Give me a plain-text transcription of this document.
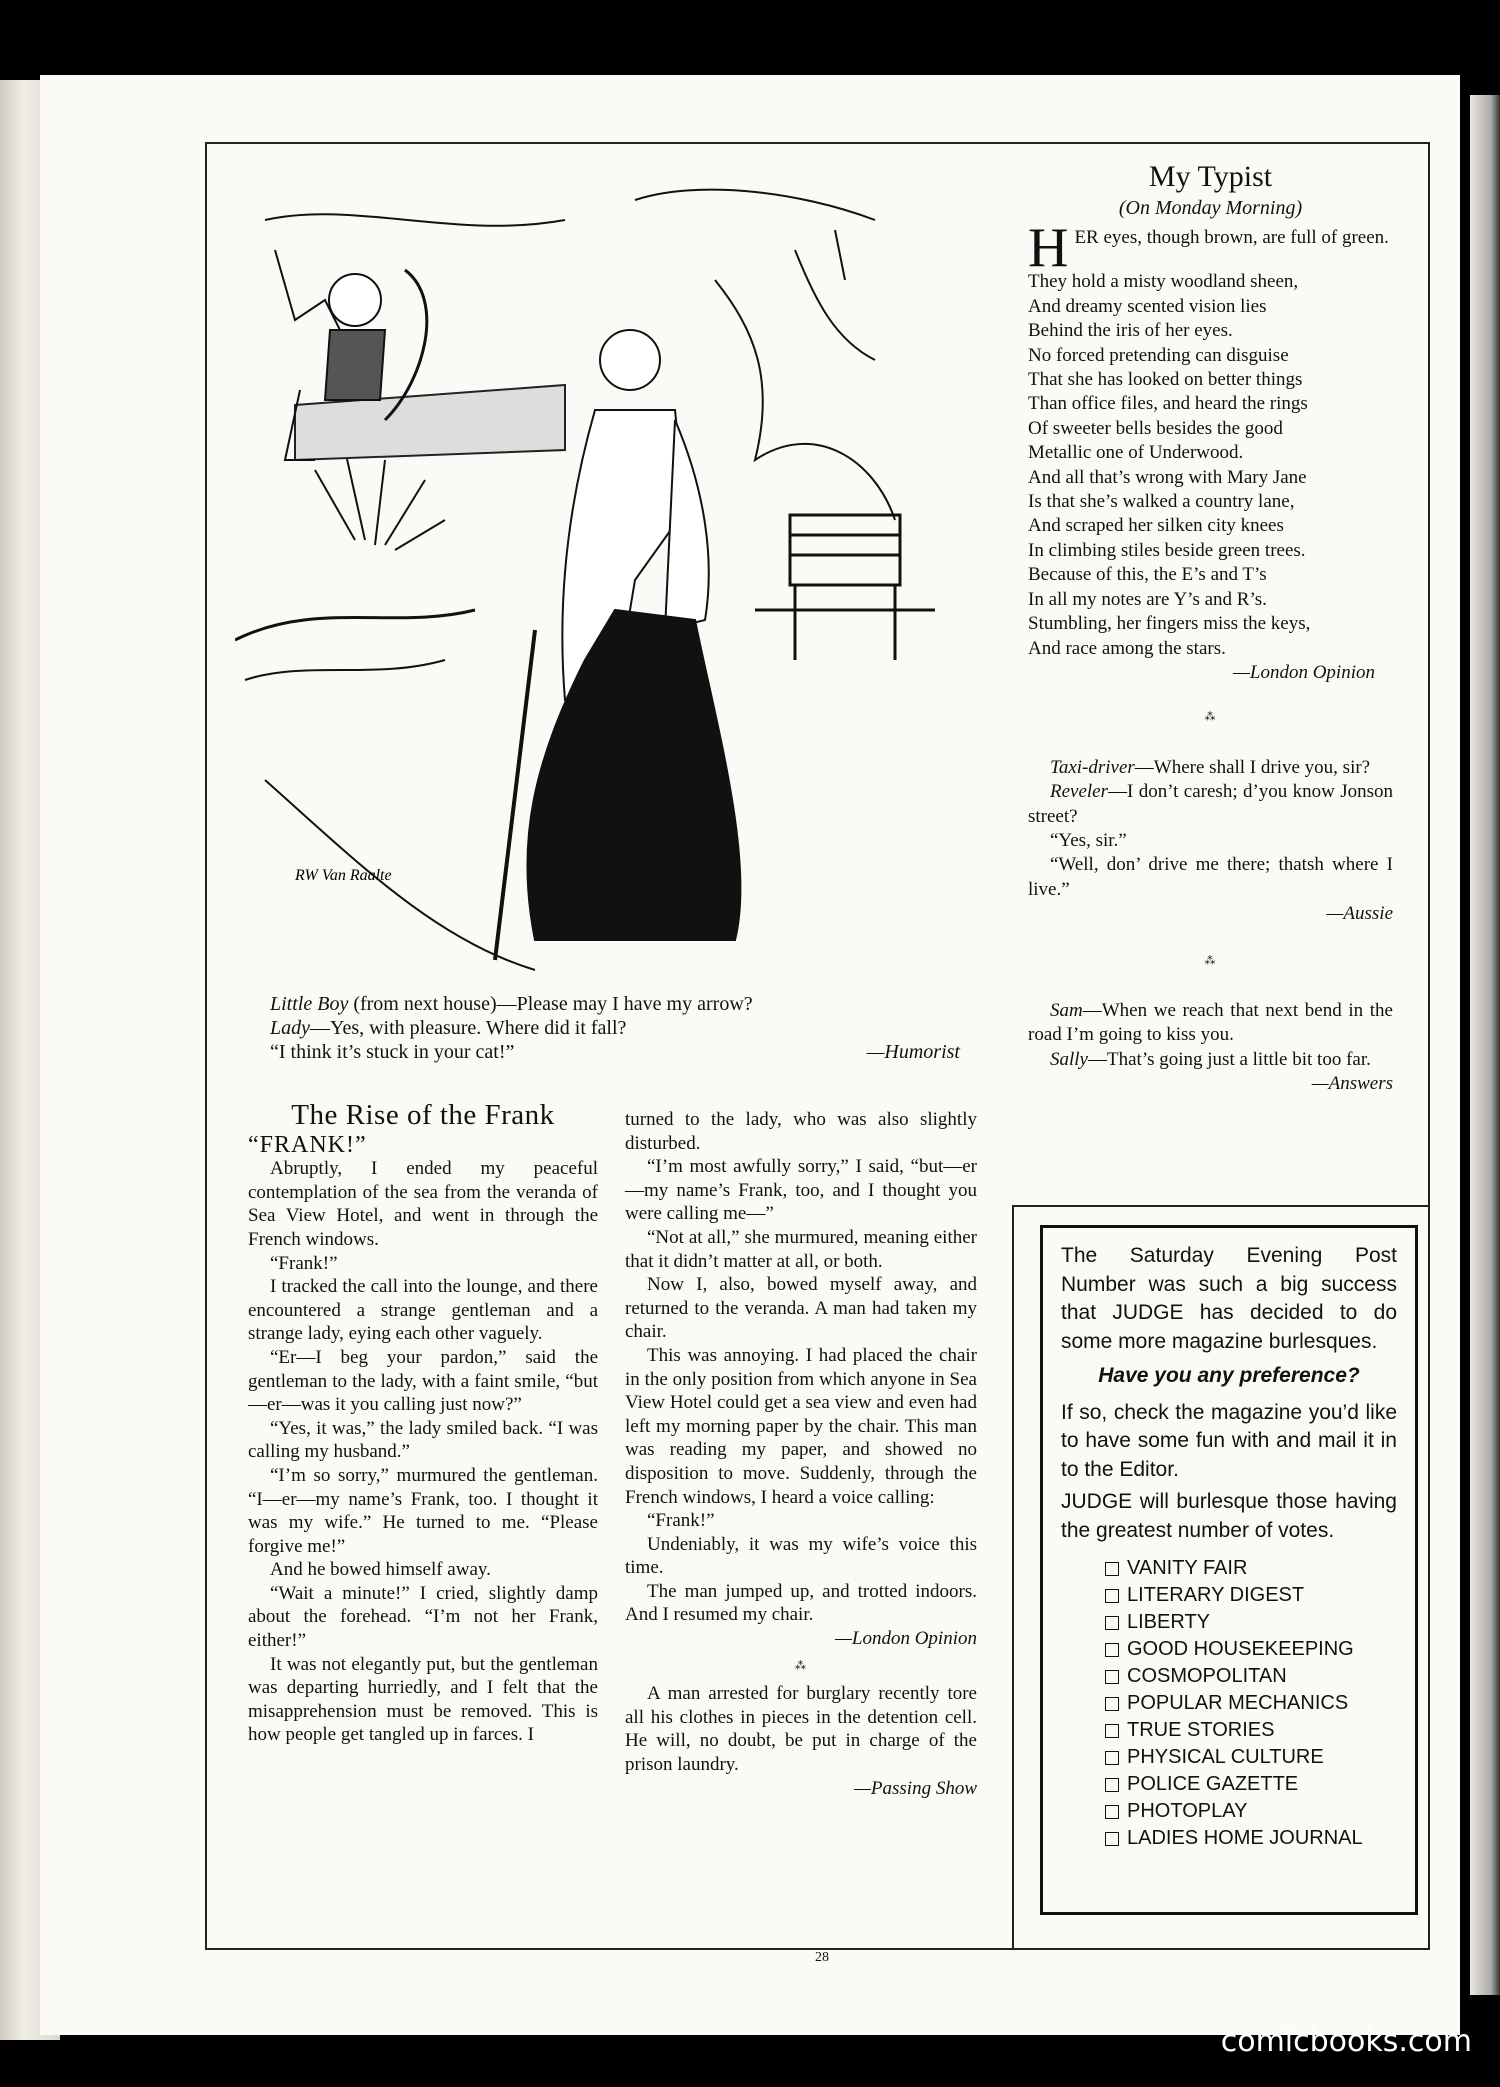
RW Van Raalte
Little Boy (from next house)—Please may I have my arrow?
Lady—Yes, with pleasure. Where did it fall?
“I think it’s stuck in your cat!”	—Humorist
The Rise of the Frank

“FRANK!”

Abruptly, I ended my peaceful contemplation of the sea from the veranda of Sea View Hotel, and went in through the French windows.

“Frank!”

I tracked the call into the lounge, and there encountered a strange gentleman and a strange lady, eying each other vaguely.

“Er—I beg your pardon,” said the gentleman to the lady, with a faint smile, “but—er—was it you calling just now?”

“Yes, it was,” the lady smiled back. “I was calling my husband.”

“I’m so sorry,” murmured the gentleman. “I—er—my name’s Frank, too. I thought it was my wife.” He turned to me. “Please forgive me!”

And he bowed himself away.

“Wait a minute!” I cried, slightly damp about the forehead. “I’m not her Frank, either!”

It was not elegantly put, but the gentleman was departing hurriedly, and I felt that the misapprehension must be removed. This is how people get tangled up in farces. I

turned to the lady, who was also slightly disturbed.

“I’m most awfully sorry,” I said, “but—er—my name’s Frank, too, and I thought you were calling me—”

“Not at all,” she murmured, meaning either that it didn’t matter at all, or both.

Now I, also, bowed myself away, and returned to the veranda. A man had taken my chair.

This was annoying. I had placed the chair in the only position from which anyone in Sea View Hotel could get a sea view and even had left my morning paper by the chair. This man was reading my paper, and showed no disposition to move. Suddenly, through the French windows, I heard a voice calling:

“Frank!”

Undeniably, it was my wife’s voice this time.

The man jumped up, and trotted indoors. And I resumed my chair.

—London Opinion
⁂

A man arrested for burglary recently tore all his clothes in pieces in the detention cell. He will, no doubt, be put in charge of the prison laundry.

—Passing Show
My Typist
(On Monday Morning)
H ER eyes, though brown, are full of green.
They hold a misty woodland sheen,
And dreamy scented vision lies
Behind the iris of her eyes.
No forced pretending can disguise
That she has looked on better things
Than office files, and heard the rings
Of sweeter bells besides the good
Metallic one of Underwood.
And all that’s wrong with Mary Jane
Is that she’s walked a country lane,
And scraped her silken city knees
In climbing stiles beside green trees.
Because of this, the E’s and T’s
In all my notes are Y’s and R’s.
Stumbling, her fingers miss the keys,
And race among the stars.
—London Opinion
⁂
Taxi-driver—Where shall I drive you, sir?
Reveler—I don’t caresh; d’you know Jonson street?
“Yes, sir.”
“Well, don’ drive me there; thatsh where I live.”
—Aussie
⁂
Sam—When we reach that next bend in the road I’m going to kiss you.
Sally—That’s going just a little bit too far.
—Answers

The Saturday Evening Post Number was such a big success that JUDGE has decided to do some more magazine burlesques.

Have you any preference?

If so, check the magazine you’d like to have some fun with and mail it in to the Editor.

JUDGE will burlesque those having the greatest number of votes.

VANITY FAIR
LITERARY DIGEST
LIBERTY
GOOD HOUSEKEEPING
COSMOPOLITAN
POPULAR MECHANICS
TRUE STORIES
PHYSICAL CULTURE
POLICE GAZETTE
PHOTOPLAY
LADIES HOME JOURNAL
28
comicbooks.com
